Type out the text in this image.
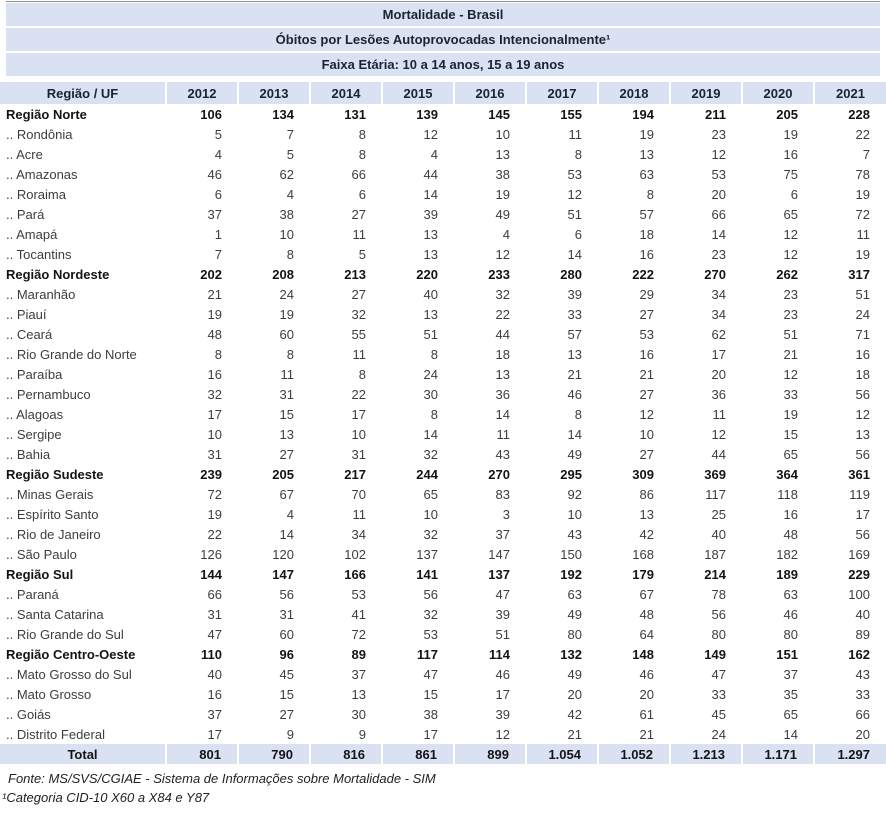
Mortalidade - Brasil
Óbitos por Lesões Autoprovocadas Intencionalmente¹
Faixa Etária: 10 a 14 anos, 15 a 19 anos
Região / UF	2012	2013	2014	2015	2016	2017	2018	2019	2020	2021
Região Norte	106	134	131	139	145	155	194	211	205	228
.. Rondônia	5	7	8	12	10	11	19	23	19	22
.. Acre	4	5	8	4	13	8	13	12	16	7
.. Amazonas	46	62	66	44	38	53	63	53	75	78
.. Roraima	6	4	6	14	19	12	8	20	6	19
.. Pará	37	38	27	39	49	51	57	66	65	72
.. Amapá	1	10	11	13	4	6	18	14	12	11
.. Tocantins	7	8	5	13	12	14	16	23	12	19
Região Nordeste	202	208	213	220	233	280	222	270	262	317
.. Maranhão	21	24	27	40	32	39	29	34	23	51
.. Piauí	19	19	32	13	22	33	27	34	23	24
.. Ceará	48	60	55	51	44	57	53	62	51	71
.. Rio Grande do Norte	8	8	11	8	18	13	16	17	21	16
.. Paraíba	16	11	8	24	13	21	21	20	12	18
.. Pernambuco	32	31	22	30	36	46	27	36	33	56
.. Alagoas	17	15	17	8	14	8	12	11	19	12
.. Sergipe	10	13	10	14	11	14	10	12	15	13
.. Bahia	31	27	31	32	43	49	27	44	65	56
Região Sudeste	239	205	217	244	270	295	309	369	364	361
.. Minas Gerais	72	67	70	65	83	92	86	117	118	119
.. Espírito Santo	19	4	11	10	3	10	13	25	16	17
.. Rio de Janeiro	22	14	34	32	37	43	42	40	48	56
.. São Paulo	126	120	102	137	147	150	168	187	182	169
Região Sul	144	147	166	141	137	192	179	214	189	229
.. Paraná	66	56	53	56	47	63	67	78	63	100
.. Santa Catarina	31	31	41	32	39	49	48	56	46	40
.. Rio Grande do Sul	47	60	72	53	51	80	64	80	80	89
Região Centro-Oeste	110	96	89	117	114	132	148	149	151	162
.. Mato Grosso do Sul	40	45	37	47	46	49	46	47	37	43
.. Mato Grosso	16	15	13	15	17	20	20	33	35	33
.. Goiás	37	27	30	38	39	42	61	45	65	66
.. Distrito Federal	17	9	9	17	12	21	21	24	14	20
Total	801	790	816	861	899	1.054	1.052	1.213	1.171	1.297
Fonte: MS/SVS/CGIAE - Sistema de Informações sobre Mortalidade - SIM
¹Categoria CID-10 X60 a X84 e Y87
